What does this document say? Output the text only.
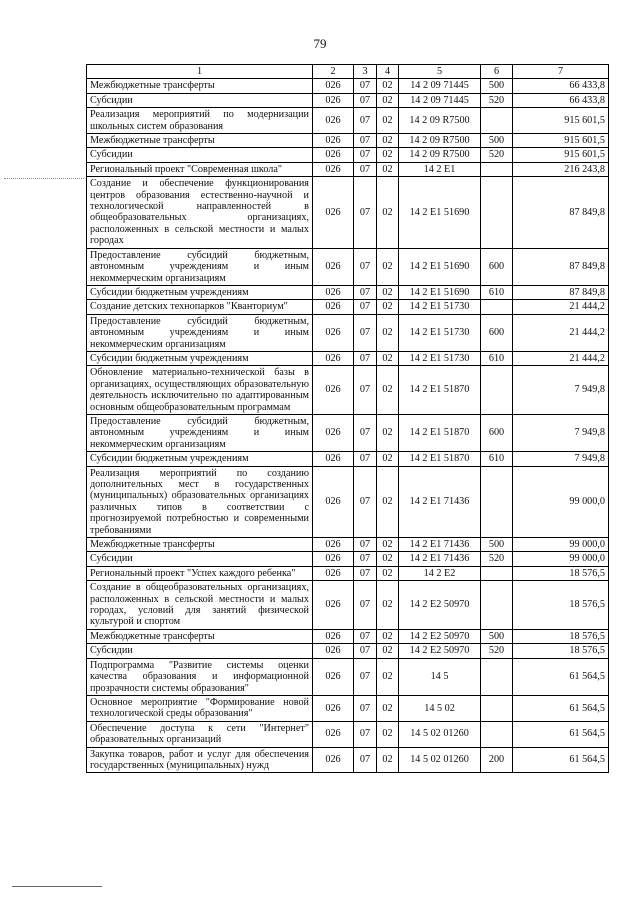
79
1	2	3	4	5	6	7
Межбюджетные трансферты	026	07	02	14 2 09 71445	500	66 433,8
Субсидии	026	07	02	14 2 09 71445	520	66 433,8
Реализация мероприятий по модернизации школьных систем образования	026	07	02	14 2 09 R7500		915 601,5
Межбюджетные трансферты	026	07	02	14 2 09 R7500	500	915 601,5
Субсидии	026	07	02	14 2 09 R7500	520	915 601,5
Региональный проект "Современная школа"	026	07	02	14 2 E1		216 243,8
Создание и обеспечение функционирования центров образования естественно-научной и технологической направленностей в общеобразовательных организациях, расположенных в сельской местности и малых городах	026	07	02	14 2 E1 51690		87 849,8
Предоставление субсидий бюджетным, автономным учреждениям и иным некоммерческим организациям	026	07	02	14 2 E1 51690	600	87 849,8
Субсидии бюджетным учреждениям	026	07	02	14 2 E1 51690	610	87 849,8
Создание детских технопарков "Кванториум"	026	07	02	14 2 E1 51730		21 444,2
Предоставление субсидий бюджетным, автономным учреждениям и иным некоммерческим организациям	026	07	02	14 2 E1 51730	600	21 444,2
Субсидии бюджетным учреждениям	026	07	02	14 2 E1 51730	610	21 444,2
Обновление материально-технической базы в организациях, осуществляющих образовательную деятельность исключительно по адаптированным основным общеобразовательным программам	026	07	02	14 2 E1 51870		7 949,8
Предоставление субсидий бюджетным, автономным учреждениям и иным некоммерческим организациям	026	07	02	14 2 E1 51870	600	7 949,8
Субсидии бюджетным учреждениям	026	07	02	14 2 E1 51870	610	7 949,8
Реализация мероприятий по созданию дополнительных мест в государственных (муниципальных) образовательных организациях различных типов в соответствии с прогнозируемой потребностью и современными требованиями	026	07	02	14 2 E1 71436		99 000,0
Межбюджетные трансферты	026	07	02	14 2 E1 71436	500	99 000,0
Субсидии	026	07	02	14 2 E1 71436	520	99 000,0
Региональный проект "Успех каждого ребенка"	026	07	02	14 2 E2		18 576,5
Создание в общеобразовательных организациях, расположенных в сельской местности и малых городах, условий для занятий физической культурой и спортом	026	07	02	14 2 E2 50970		18 576,5
Межбюджетные трансферты	026	07	02	14 2 E2 50970	500	18 576,5
Субсидии	026	07	02	14 2 E2 50970	520	18 576,5
Подпрограмма "Развитие системы оценки качества образования и информационной прозрачности системы образования"	026	07	02	14 5		61 564,5
Основное мероприятие "Формирование новой технологической среды образования"	026	07	02	14 5 02		61 564,5
Обеспечение доступа к сети "Интернет" образовательных организаций	026	07	02	14 5 02 01260		61 564,5
Закупка товаров, работ и услуг для обеспечения государственных (муниципальных) нужд	026	07	02	14 5 02 01260	200	61 564,5
